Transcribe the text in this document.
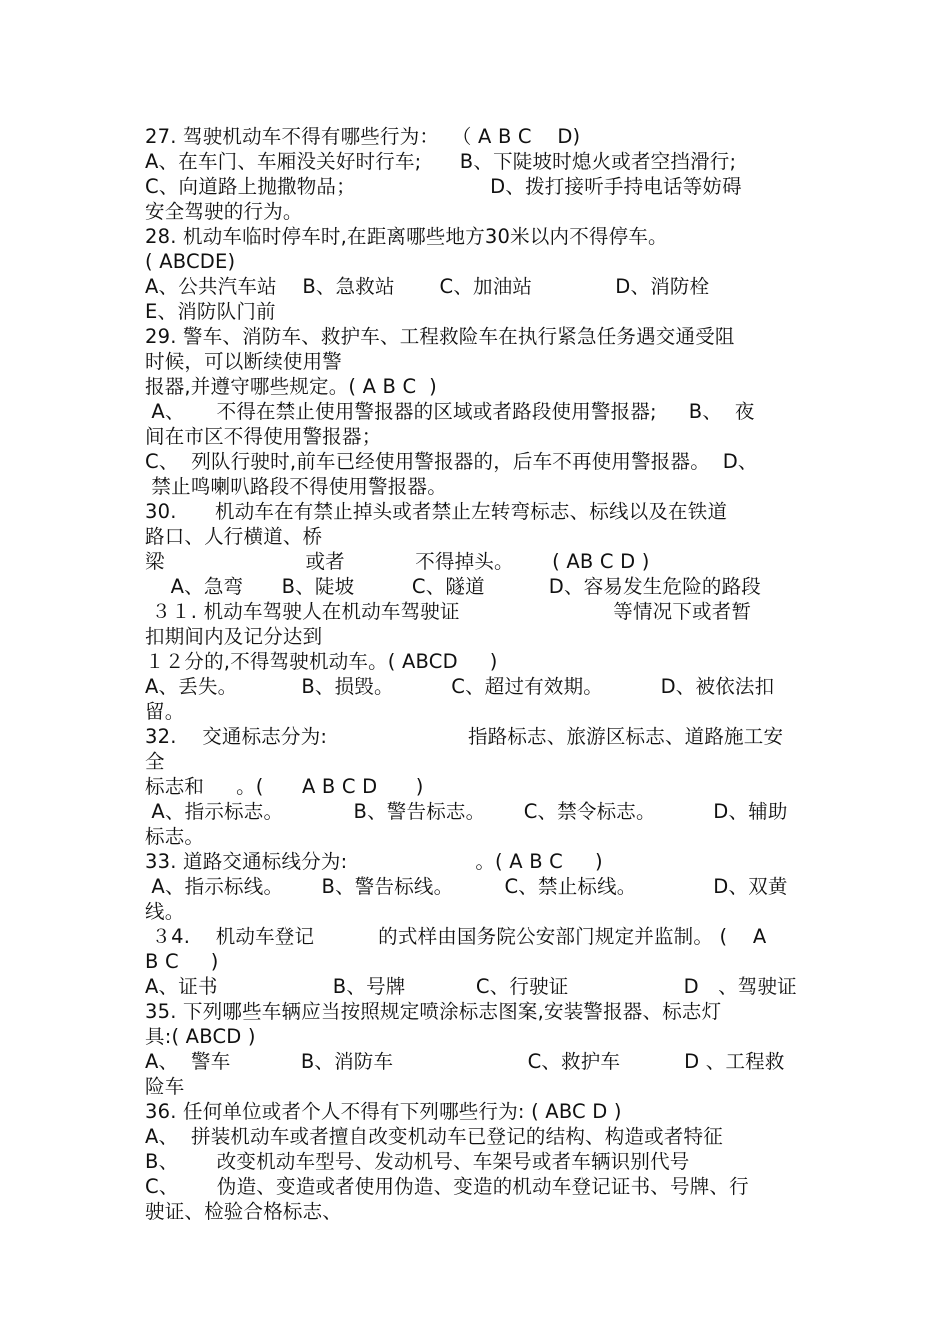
27. 驾驶机动车不得有哪些行为：  （ A B C    D)
A、在车门、车厢没关好时行车;      B、下陡坡时熄火或者空挡滑行;
C、向道路上抛撒物品；                     D、拨打接听手持电话等妨碍
安全驾驶的行为。
28. 机动车临时停车时,在距离哪些地方30米以内不得停车。
( ABCDE)
A、公共汽车站    B、急救站       C、加油站             D、消防栓
E、消防队门前
29. 警车、消防车、救护车、工程救险车在执行紧急任务遇交通受阻
时候，可以断续使用警
报器,并遵守哪些规定。( A B C  )
A、     不得在禁止使用警报器的区域或者路段使用警报器;     B、  夜
间在市区不得使用警报器；
C、  列队行驶时,前车已经使用警报器的，后车不再使用警报器。  D、
禁止鸣喇叭路段不得使用警报器。
30.      机动车在有禁止掉头或者禁止左转弯标志、标线以及在铁道
路口、人行横道、桥
梁                      或者           不得掉头。      ( AB C D )
A、急弯      B、陡坡         C、隧道          D、容易发生危险的路段
３１. 机动车驾驶人在机动车驾驶证                        等情况下或者暂
扣期间内及记分达到
１２分的,不得驾驶机动车。( ABCD     )
A、丢失。          B、损毁。         C、超过有效期。         D、被依法扣
留。
32.    交通标志分为:                      指路标志、旅游区标志、道路施工安
全
标志和     。(      A B C D      )
A、指示标志。           B、警告标志。      C、禁令标志。         D、辅助
标志。
33. 道路交通标线分为:                    。( A B C     )
A、指示标线。      B、警告标线。        C、禁止标线。            D、双黄
线。
３4.    机动车登记          的式样由国务院公安部门规定并监制。 (    A
B C     )
A、证书                  B、号牌           C、行驶证                  D   、驾驶证
35. 下列哪些车辆应当按照规定喷涂标志图案,安装警报器、标志灯
具:( ABCD )
A、  警车           B、消防车                     C、救护车          D 、工程救
险车
36. 任何单位或者个人不得有下列哪些行为: ( ABC D )
A、  拼装机动车或者擅自改变机动车已登记的结构、构造或者特征
B、      改变机动车型号、发动机号、车架号或者车辆识别代号
C、      伪造、变造或者使用伪造、变造的机动车登记证书、号牌、行
驶证、检验合格标志、
